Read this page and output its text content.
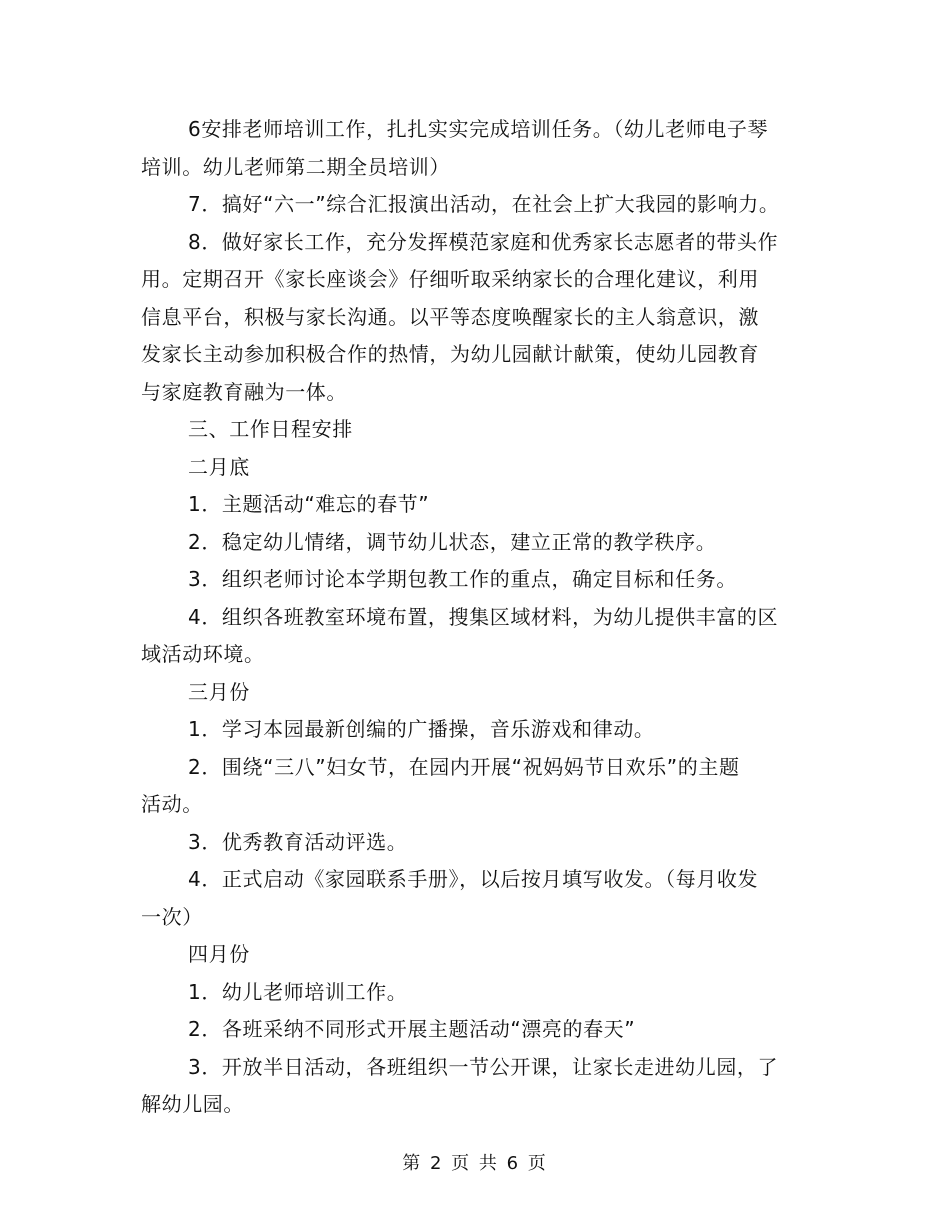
6安排老师培训工作，扎扎实实完成培训任务。（幼儿老师电子琴
培训。幼儿老师第二期全员培训）
7．搞好“六一”综合汇报演出活动，在社会上扩大我园的影响力。
8．做好家长工作，充分发挥模范家庭和优秀家长志愿者的带头作
用。定期召开《家长座谈会》仔细听取采纳家长的合理化建议，利用
信息平台，积极与家长沟通。以平等态度唤醒家长的主人翁意识，激
发家长主动参加积极合作的热情，为幼儿园献计献策，使幼儿园教育
与家庭教育融为一体。
三、工作日程安排
二月底
1．主题活动“难忘的春节”
2．稳定幼儿情绪，调节幼儿状态，建立正常的教学秩序。
3．组织老师讨论本学期包教工作的重点，确定目标和任务。
4．组织各班教室环境布置，搜集区域材料，为幼儿提供丰富的区
域活动环境。
三月份
1．学习本园最新创编的广播操，音乐游戏和律动。
2．围绕“三八”妇女节，在园内开展“祝妈妈节日欢乐”的主题
活动。
3．优秀教育活动评选。
4．正式启动《家园联系手册》，以后按月填写收发。（每月收发
一次）
四月份
1．幼儿老师培训工作。
2．各班采纳不同形式开展主题活动“漂亮的春天”
3．开放半日活动，各班组织一节公开课，让家长走进幼儿园，了
解幼儿园。
第 2 页 共 6 页
